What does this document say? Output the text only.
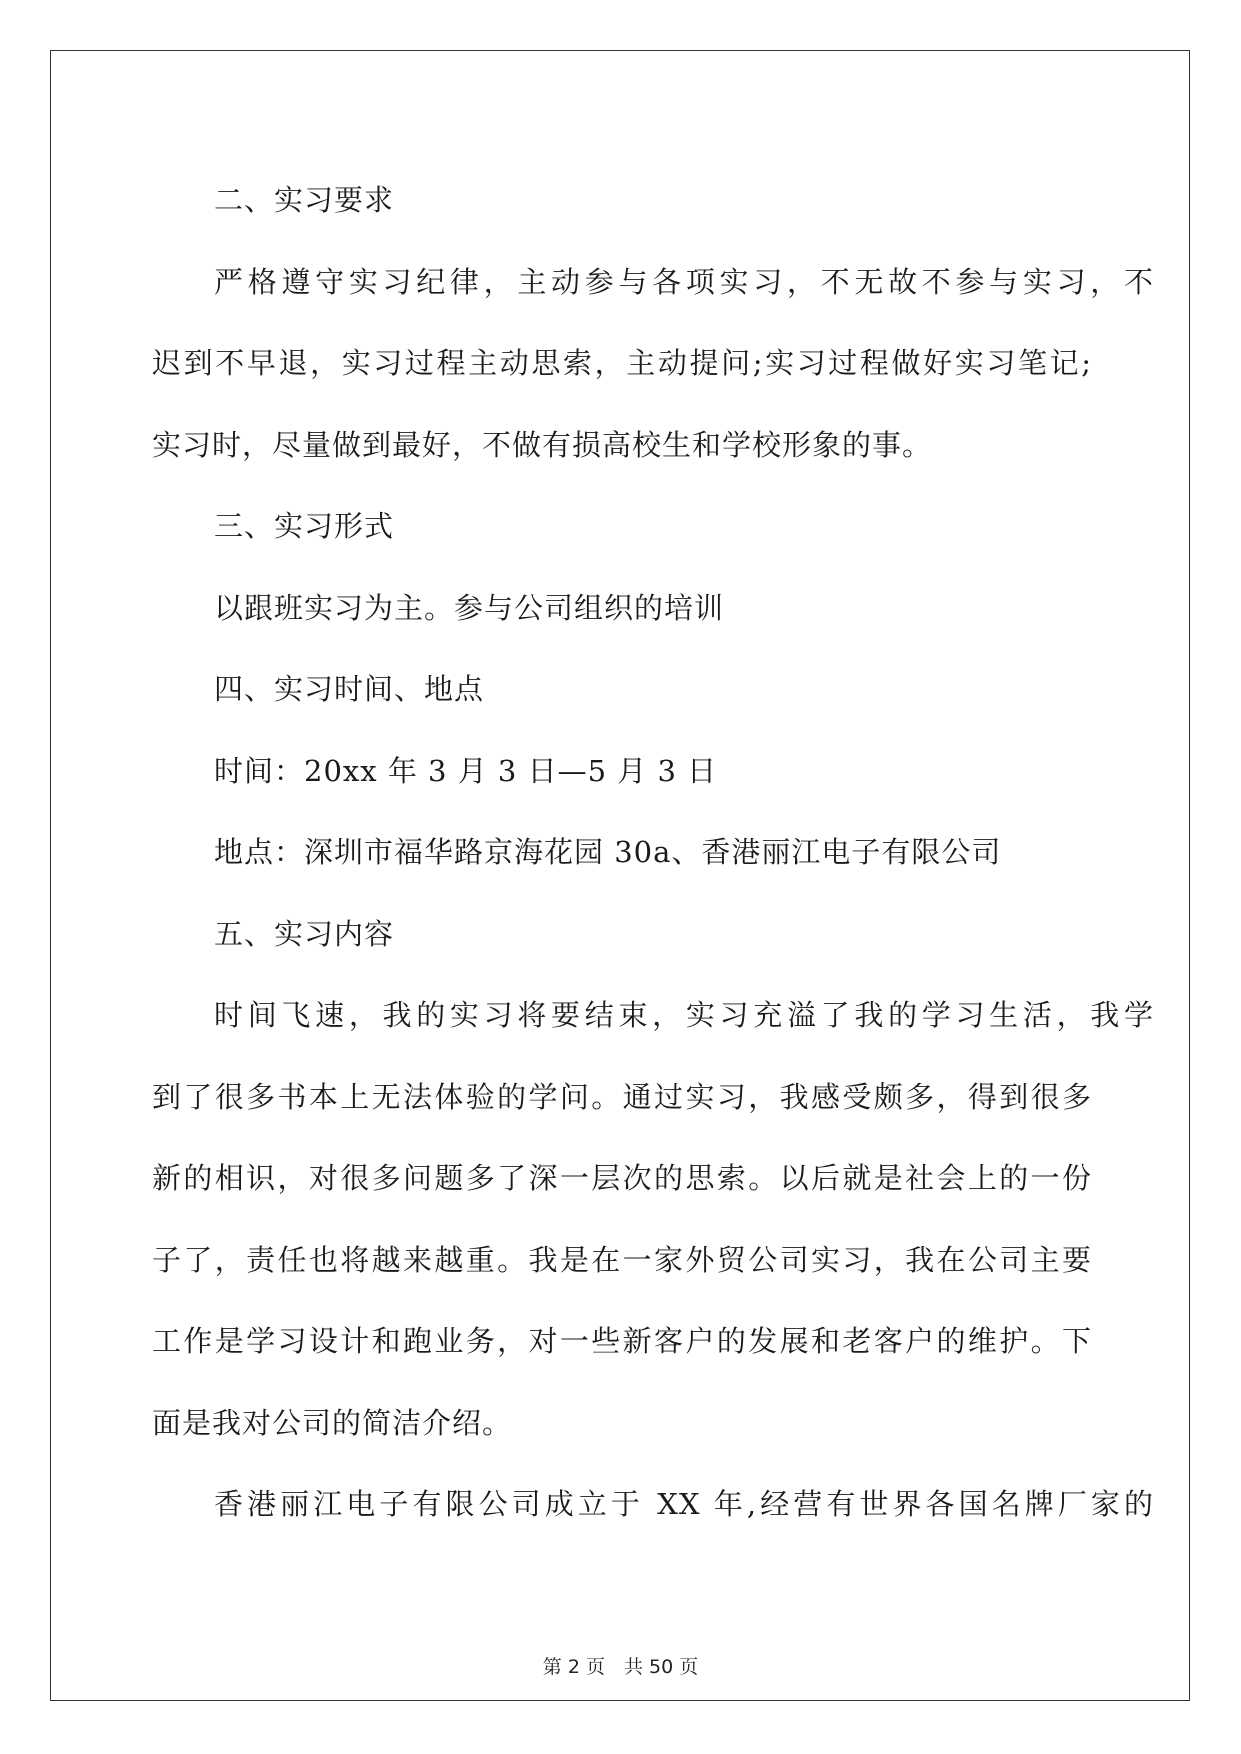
二、实习要求
严格遵守实习纪律，主动参与各项实习，不无故不参与实习，不
迟到不早退，实习过程主动思索，主动提问;实习过程做好实习笔记;
实习时，尽量做到最好，不做有损高校生和学校形象的事。
三、实习形式
以跟班实习为主。参与公司组织的培训
四、实习时间、地点
时间：20xx 年 3 月 3 日—5 月 3 日
地点：深圳市福华路京海花园 30a、香港丽江电子有限公司
五、实习内容
时间飞速，我的实习将要结束，实习充溢了我的学习生活，我学
到了很多书本上无法体验的学问。通过实习，我感受颇多，得到很多
新的相识，对很多问题多了深一层次的思索。以后就是社会上的一份
子了，责任也将越来越重。我是在一家外贸公司实习，我在公司主要
工作是学习设计和跑业务，对一些新客户的发展和老客户的维护。下
面是我对公司的简洁介绍。
香港丽江电子有限公司成立于 XX 年,经营有世界各国名牌厂家的
第 2 页　共 50 页
